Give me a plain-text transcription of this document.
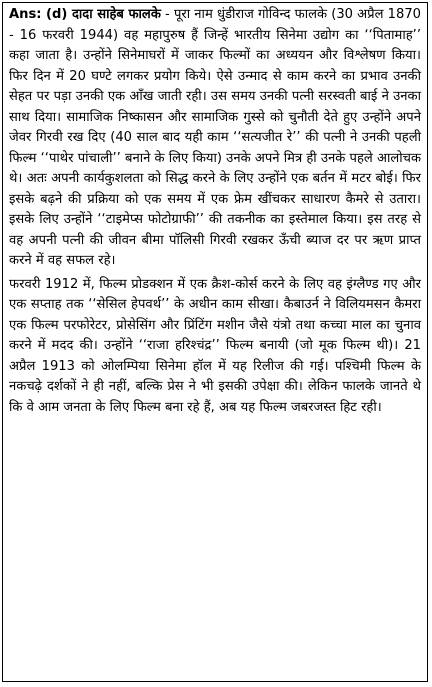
Ans: (d) दादा साहेब फालके - पूरा नाम धुंडीराज गोविन्द फालके (30 अप्रैल 1870 - 16 फरवरी 1944) वह महापुरुष हैं जिन्हें भारतीय सिनेमा उद्योग का ‘‘पितामाह’’ कहा जाता है। उन्होंने सिनेमाघरों में जाकर फिल्मों का अध्ययन और विश्लेषण किया। फिर दिन में 20 घण्टे लगकर प्रयोग किये। ऐसे उन्माद से काम करने का प्रभाव उनकी सेहत पर पड़ा उनकी एक आँख जाती रही। उस समय उनकी पत्नी सरस्वती बाई ने उनका साथ दिया। सामाजिक निष्कासन और सामाजिक गुस्से को चुनौती देते हुए उन्होंने अपने जेवर गिरवी रख दिए (40 साल बाद यही काम ‘‘सत्यजीत रे’’ की पत्नी ने उनकी पहली फिल्म ‘‘पाथेर पांचाली’’ बनाने के लिए किया) उनके अपने मित्र ही उनके पहले आलोचक थे। अतः अपनी कार्यकुशलता को सिद्ध करने के लिए उन्होंने एक बर्तन में मटर बोई। फिर इसके बढ़ने की प्रक्रिया को एक समय में एक फ्रेम खींचकर साधारण कैमरे से उतारा। इसके लिए उन्होंने ‘‘टाइमेप्स फोटोग्राफी’’ की तकनीक का इस्तेमाल किया। इस तरह से वह अपनी पत्नी की जीवन बीमा पॉलिसी गिरवी रखकर ऊँची ब्याज दर पर ऋण प्राप्त करने में वह सफल रहे।

फरवरी 1912 में, फिल्म प्रोडक्शन में एक क्रैश-कोर्स करने के लिए वह इंग्लैण्ड गए और एक सप्ताह तक ‘‘सेसिल हेपवर्थ’’ के अधीन काम सीखा। कैबाउर्न ने विलियमसन कैमरा एक फिल्म परफोरेटर, प्रोसेसिंग और प्रिंटिंग मशीन जैसे यंत्रो तथा कच्चा माल का चुनाव करने में मदद की। उन्होंने ‘‘राजा हरिश्चंद्र’’ फिल्म बनायी (जो मूक फिल्म थी)। 21 अप्रैल 1913 को ओलम्पिया सिनेमा हॉल में यह रिलीज की गई। पश्चिमी फिल्म के नकचढ़े दर्शकों ने ही नहीं, बल्कि प्रेस ने भी इसकी उपेक्षा की। लेकिन फालके जानते थे कि वे आम जनता के लिए फिल्म बना रहे हैं, अब यह फिल्म जबरजस्त हिट रही।
